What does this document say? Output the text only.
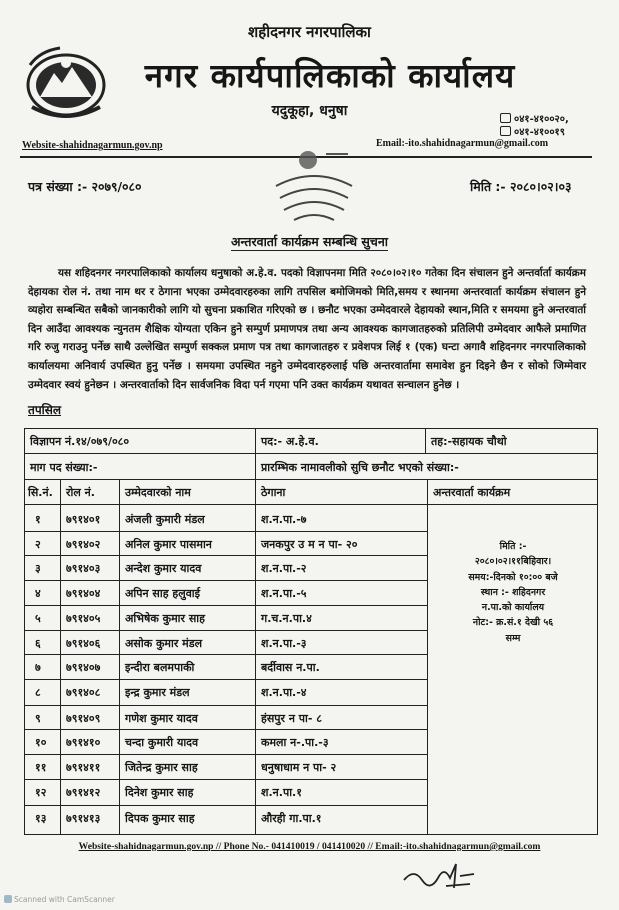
शहीदनगर नगरपालिका
नगर कार्यपालिकाको कार्यालय
यदुकूहा, धनुषा
०४१-४१००२०,
०४१-४१००१९
Website-shahidnagarmun.gov.np	Email:-ito.shahidnagarmun@gmail.com
पत्र संख्या :- २०७९/०८०	मिति :- २०८०।०२।०३
अन्तरवार्ता कार्यक्रम सम्बन्धि सुचना

यस शहिदनगर नगरपालिकाको कार्यालय धनुषाको अ.हे.व. पदको विज्ञापनमा मिति २०८०।०२।१० गतेका दिन संचालन हुने अन्तर्वार्ता कार्यक्रम देहायका रोल नं. तथा नाम थर र ठेगाना भएका उम्मेदवारहरुका लागि तपसिल बमोजिमको मिति,समय र स्थानमा अन्तरवार्ता कार्यक्रम संचालन हुने व्यहोरा सम्बन्धित सबैको जानकारीको लागि यो सुचना प्रकाशित गरिएको छ । छनौट भएका उम्मेदवारले देहायको स्थान,मिति र समयमा हुने अन्तरवार्ता दिन आउँदा आवश्यक न्युनतम शैक्षिक योग्यता एकिन हुने सम्पुर्ण प्रमाणपत्र तथा अन्य आवश्यक कागजातहरुको प्रतिलिपी उम्मेदवार आफैले प्रमाणित गरि रुजु गराउनु पर्नेछ साथै उल्लेखित सम्पुर्ण सक्कल प्रमाण पत्र तथा कागजातहरु र प्रवेशपत्र लिई १ (एक) घन्टा अगावै शहिदनगर नगरपालिकाको कार्यालयमा अनिवार्य उपस्थित हुनु पर्नेछ । समयमा उपस्थित नहुने उम्मेदवारहरुलाई पछि अन्तरवार्तामा समावेश हुन दिइने छैन र सोको जिम्मेवार उम्मेदवार स्वयं हुनेछन । अन्तरवार्ताको दिन सार्वजनिक विदा पर्न गएमा पनि उक्त कार्यक्रम यथावत सन्चालन हुनेछ ।

तपसिल
विज्ञापन नं.१४/०७९/०८०	पद:- अ.हे.व.	तह:-सहायक चौथो
माग पद संख्या:-	प्रारम्भिक नामावलीको सुचि छनौट भएको संख्या:-
सि.नं. रोल नं.	उम्मेदवारको नाम	ठेगाना	अन्तरवार्ता कार्यक्रम
१ ७९१४०१ अंजली कुमारी मंडल	श.न.पा.-७
२ ७९१४०२ अनिल कुमार पासमान	जनकपुर उ म न पा- २०
३ ७९१४०३ अन्देश कुमार यादव	श.न.पा.-२
४ ७९१४०४ अपिन साह हलुवाई	श.न.पा.-५
५ ७९१४०५ अभिषेक कुमार साह	ग.च.न.पा.४
६ ७९१४०६ असोक कुमार मंडल	श.न.पा.-३
७ ७९१४०७ इन्दीरा बलमपाकी	बर्दीवास न.पा.
८ ७९१४०८ इन्द्र कुमार मंडल	श.न.पा.-४
९ ७९१४०९ गणेश कुमार यादव	हंसपुर न पा- ८
१० ७९१४१० चन्दा कुमारी यादव	कमला न-.पा.-३
११ ७९१४११ जितेन्द्र कुमार साह	धनुषाधाम न पा- २
१२ ७९१४१२ दिनेश कुमार साह	श.न.पा.१
१३ ७९१४१३ दिपक कुमार साह	औरही गा.पा.१
मिति :-
२०८०।०२।११बिहिवार।
समय:-दिनको १०:०० बजे
स्थान :- शहिदनगर
न.पा.को कार्यालय
नोट:- क्र.सं.१ देखी ५६
सम्म
Website-shahidnagarmun.gov.np // Phone No.- 041410019 / 041410020 // Email:-ito.shahidnagarmun@gmail.com
Scanned with CamScanner
